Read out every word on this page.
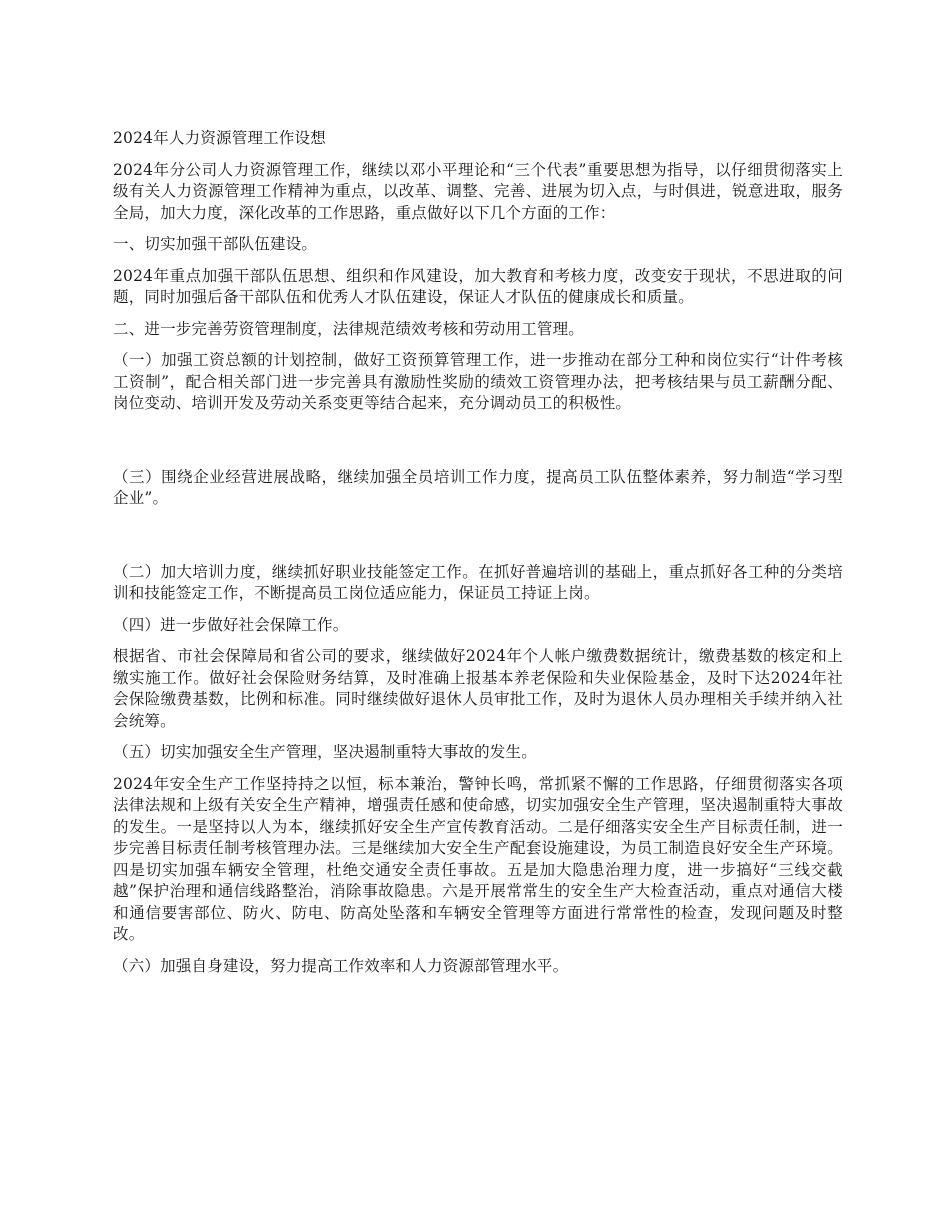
2024年人力资源管理工作设想

2024年分公司人力资源管理工作，继续以邓小平理论和“三个代表”重要思想为指导，以仔细贯彻落实上级有关人力资源管理工作精神为重点，以改革、调整、完善、进展为切入点，与时俱进，锐意进取，服务全局，加大力度，深化改革的工作思路，重点做好以下几个方面的工作：

一、切实加强干部队伍建设。

2024年重点加强干部队伍思想、组织和作风建设，加大教育和考核力度，改变安于现状，不思进取的问题，同时加强后备干部队伍和优秀人才队伍建设，保证人才队伍的健康成长和质量。

二、进一步完善劳资管理制度，法律规范绩效考核和劳动用工管理。

（一）加强工资总额的计划控制，做好工资预算管理工作，进一步推动在部分工种和岗位实行“计件考核工资制”，配合相关部门进一步完善具有激励性奖励的绩效工资管理办法，把考核结果与员工薪酬分配、岗位变动、培训开发及劳动关系变更等结合起来，充分调动员工的积极性。

（三）围绕企业经营进展战略，继续加强全员培训工作力度，提高员工队伍整体素养，努力制造“学习型企业”。

（二）加大培训力度，继续抓好职业技能签定工作。在抓好普遍培训的基础上，重点抓好各工种的分类培训和技能签定工作，不断提高员工岗位适应能力，保证员工持证上岗。

（四）进一步做好社会保障工作。

根据省、市社会保障局和省公司的要求，继续做好2024年个人帐户缴费数据统计，缴费基数的核定和上缴实施工作。做好社会保险财务结算，及时准确上报基本养老保险和失业保险基金，及时下达2024年社会保险缴费基数，比例和标准。同时继续做好退休人员审批工作，及时为退休人员办理相关手续并纳入社会统筹。

（五）切实加强安全生产管理，坚决遏制重特大事故的发生。

2024年安全生产工作坚持持之以恒，标本兼治，警钟长鸣，常抓紧不懈的工作思路，仔细贯彻落实各项法律法规和上级有关安全生产精神，增强责任感和使命感，切实加强安全生产管理，坚决遏制重特大事故的发生。一是坚持以人为本，继续抓好安全生产宣传教育活动。二是仔细落实安全生产目标责任制，进一步完善目标责任制考核管理办法。三是继续加大安全生产配套设施建设，为员工制造良好安全生产环境。四是切实加强车辆安全管理，杜绝交通安全责任事故。五是加大隐患治理力度，进一步搞好“三线交截越”保护治理和通信线路整治，消除事故隐患。六是开展常常生的安全生产大检查活动，重点对通信大楼和通信要害部位、防火、防电、防高处坠落和车辆安全管理等方面进行常常性的检查，发现问题及时整改。

（六）加强自身建设，努力提高工作效率和人力资源部管理水平。
